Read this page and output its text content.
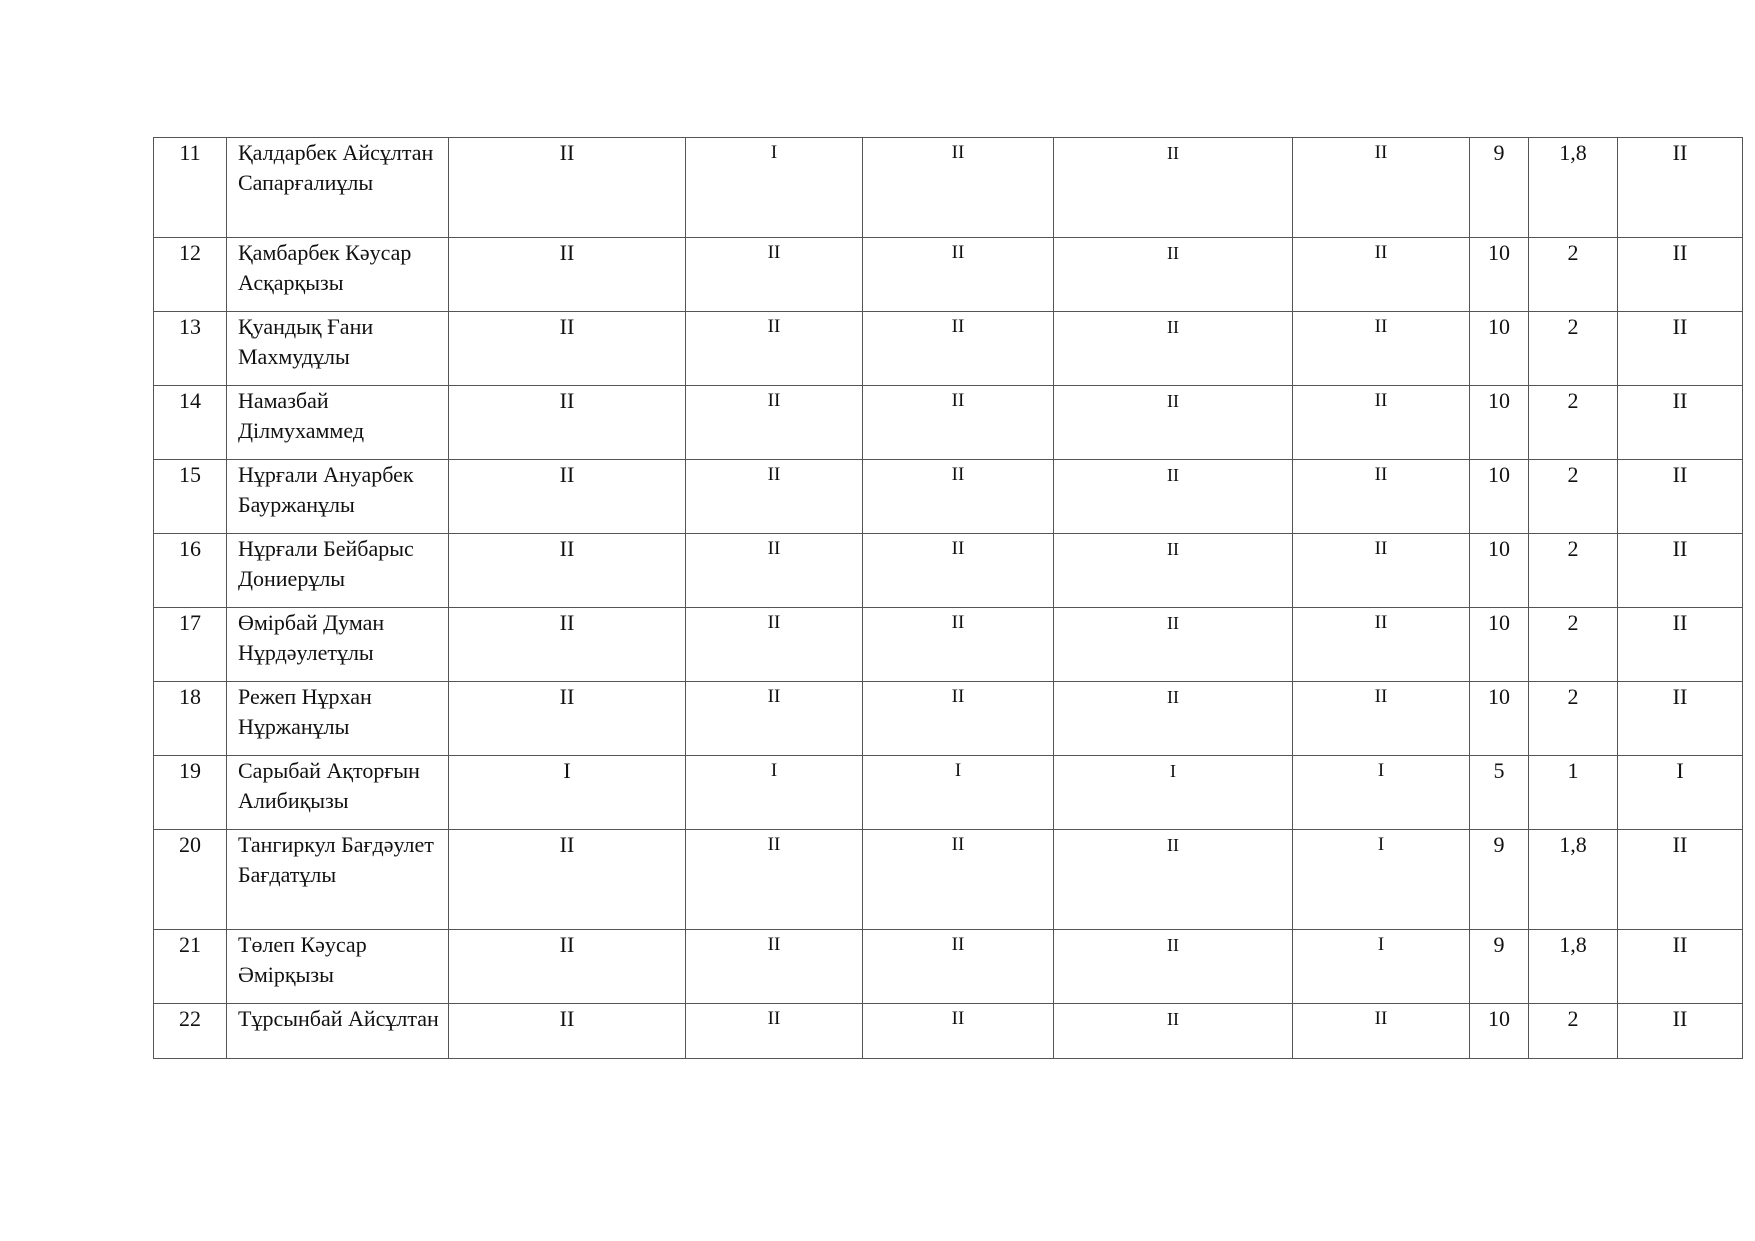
11	Қалдарбек Айсұлтан Сапарғалиұлы	II	I	II	II	II	9	1,8	II
12	Қамбарбек Кәусар Асқарқызы	II	II	II	II	II	10	2	II
13	Қуандық Ғани Махмудұлы	II	II	II	II	II	10	2	II
14	Намазбай Ділмухаммед	II	II	II	II	II	10	2	II
15	Нұрғали Ануарбек Бауржанұлы	II	II	II	II	II	10	2	II
16	Нұрғали Бейбарыс Дониерұлы	II	II	II	II	II	10	2	II
17	Өмірбай Думан Нұрдәулетұлы	II	II	II	II	II	10	2	II
18	Режеп Нұрхан Нұржанұлы	II	II	II	II	II	10	2	II
19	Сарыбай Ақторғын Алибиқызы	I	I	I	I	I	5	1	I
20	Тангиркул Бағдәулет Бағдатұлы	II	II	II	II	I	9	1,8	II
21	Төлеп Кәусар Әмірқызы	II	II	II	II	I	9	1,8	II
22	Тұрсынбай Айсұлтан	II	II	II	II	II	10	2	II
